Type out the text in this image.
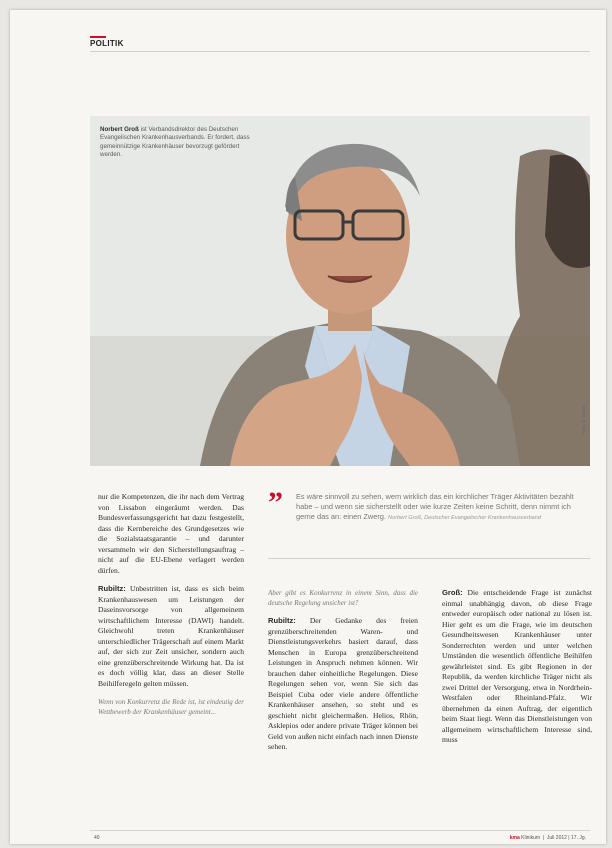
POLITIK
Norbert Groß ist Verbandsdirektor des Deutschen Evangelischen Krankenhausverbands. Er fordert, dass gemeinnützige Krankenhäuser bevorzugt gefördert werden.
Foto: © privat

nur die Kompetenzen, die ihr nach dem Vertrag von Lissabon eingeräumt werden. Das Bundesverfassungsgericht hat dazu festgestellt, dass die Kernbereiche des Grundgesetzes wie die Sozialstaatsgarantie – und darunter versammeln wir den Sicherstellungsauftrag – nicht auf die EU-Ebene verlagert werden dürfen.

Rubiltz: Unbestritten ist, dass es sich beim Krankenhauswesen um Leistungen der Daseinsvorsorge von allgemeinem wirtschaftlichem Interesse (DAWI) handelt. Gleichwohl treten Krankenhäuser unterschiedlicher Trägerschaft auf einem Markt auf, der sich zur Zeit unsicher, sondern auch eine grenzüberschreitende Wirkung hat. Da ist es doch völlig klar, dass an dieser Stelle Beihilferegeln gelten müssen.

Wenn von Konkurrenz die Rede ist, ist eindeutig der Wettbewerb der Krankenhäuser gemeint...

” Es wäre sinnvoll zu sehen, wem wirklich das ein kirchlicher Träger Aktivitäten bezahlt habe – und wenn sie sicherstellt oder wie kurze Zeiten keine Schritt, denn nimmt ich gerne das an: einen Zwerg. Norbert Groß, Deutscher Evangelischer Krankenhausverband

Aber gibt es Konkurrenz in einem Sinn, dass die deutsche Regelung unsicher ist?

Rubiltz: Der Gedanke des freien grenzüberschreitenden Waren- und Dienstleistungsverkehrs basiert darauf, dass Menschen in Europa grenzüberschreitend Leistungen in Anspruch nehmen können. Wir brauchen daher einheitliche Regelungen. Diese Regelungen sehen vor, wenn Sie sich das Beispiel Cuba oder viele andere öffentliche Krankenhäuser ansehen, so steht und es geschieht nicht gleichermaßen. Helios, Rhön, Asklepios oder andere private Träger können bei Geld von außen nicht einfach nach innen Dienste sehen.

Groß: Die entscheidende Frage ist zunächst einmal unabhängig davon, ob diese Frage entweder europäisch oder national zu lösen ist. Hier geht es um die Frage, wie im deutschen Gesundheitswesen Krankenhäuser unter Sonderrechten werden und unter welchen Umständen die wesentlich öffentliche Beihilfen gewährleistet sind. Es gibt Regionen in der Republik, da werden kirchliche Träger nicht als zwei Drittel der Versorgung, etwa in Nordrhein-Westfalen oder Rheinland-Pfalz. Wir übernehmen da einen Auftrag, der eigentlich beim Staat liegt. Wenn das Dienstleistungen von allgemeinem wirtschaftlichem Interesse sind, muss

40	kma Klinikum  |  Juli 2012 | 17. Jg.
